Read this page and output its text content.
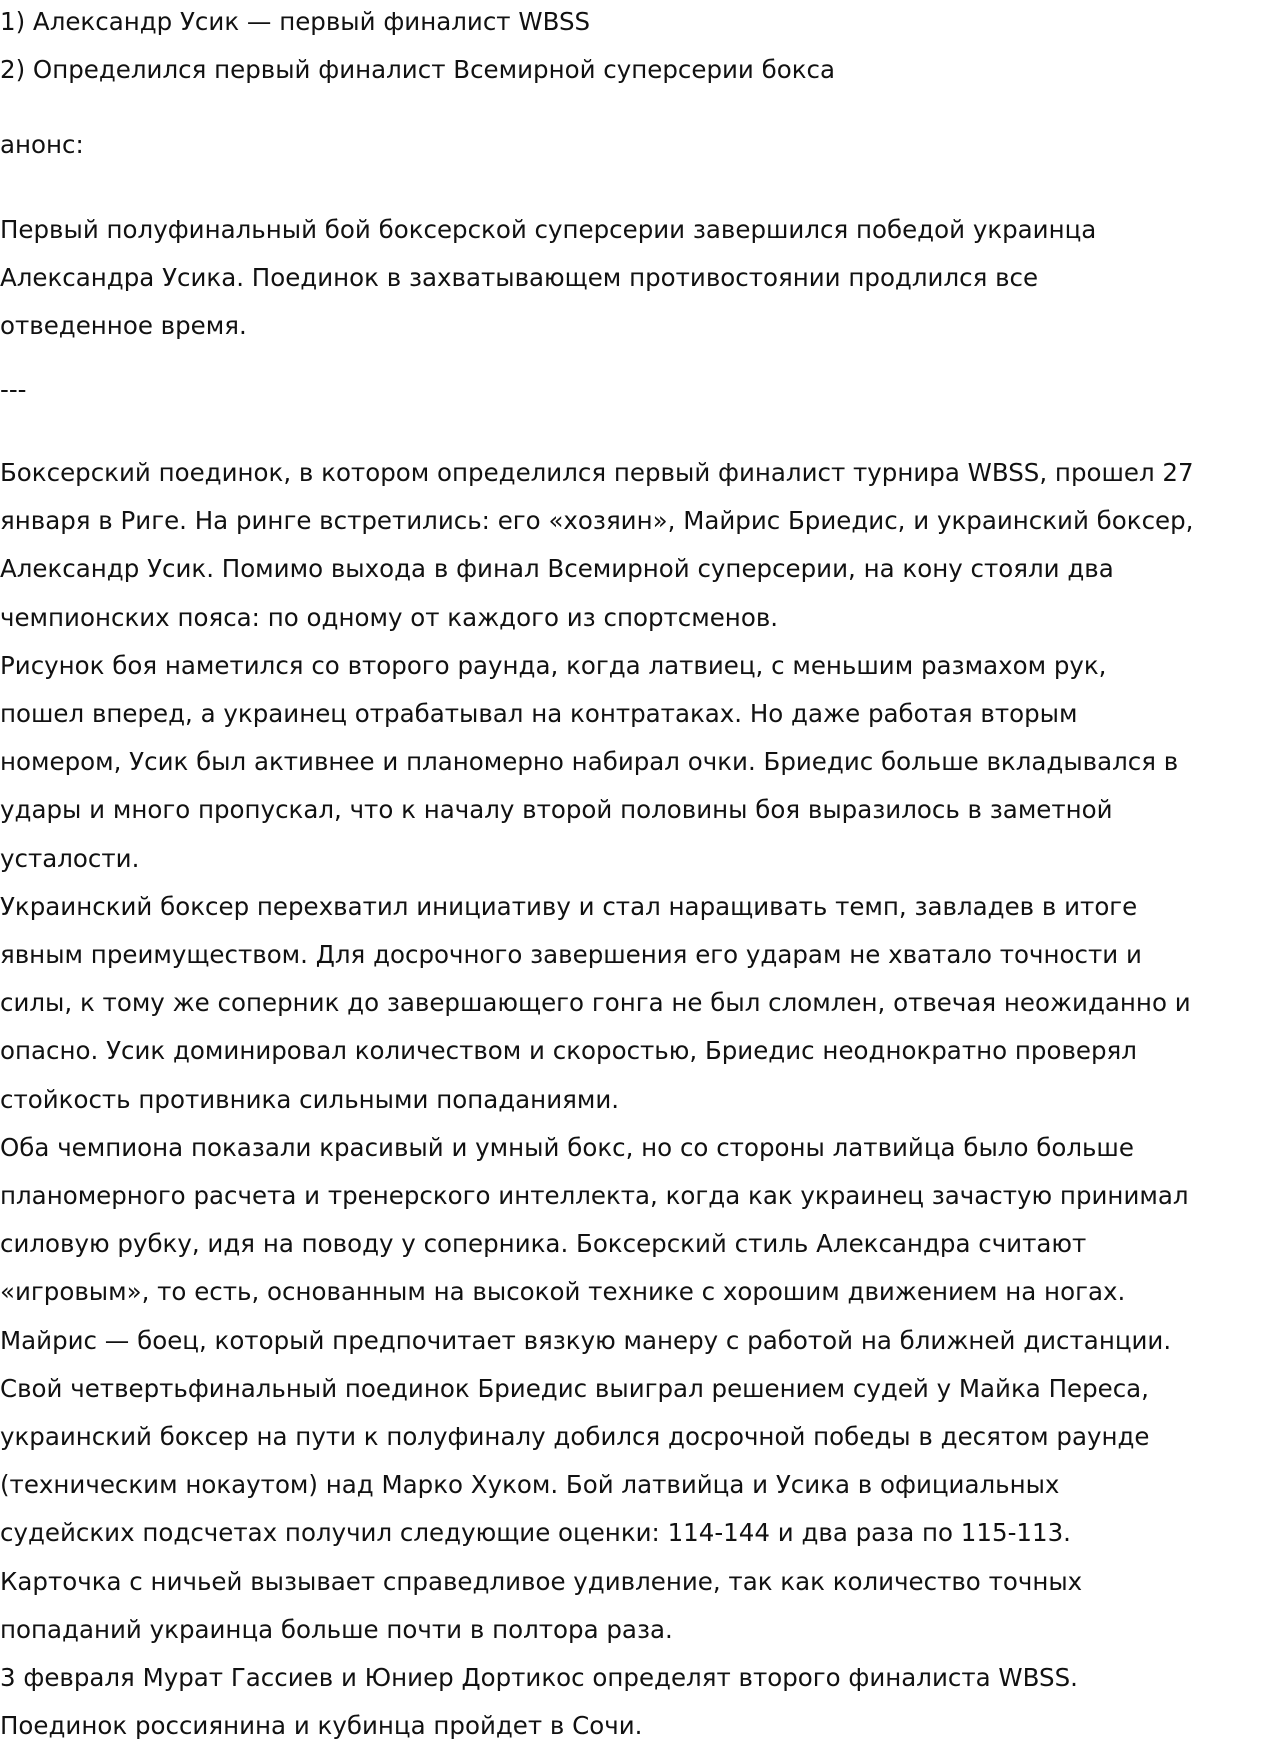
1) Александр Усик — первый финалист WBSS
2) Определился первый финалист Всемирной суперсерии бокса
анонс:

Первый полуфинальный бой боксерской суперсерии завершился победой украинца

Александра Усика. Поединок в захватывающем противостоянии продлился все

отведенное время.

---

Боксерский поединок, в котором определился первый финалист турнира WBSS, прошел 27

января в Риге. На ринге встретились: его «хозяин», Майрис Бриедис, и украинский боксер,

Александр Усик. Помимо выхода в финал Всемирной суперсерии, на кону стояли два

чемпионских пояса: по одному от каждого из спортсменов.

Рисунок боя наметился со второго раунда, когда латвиец, с меньшим размахом рук,

пошел вперед, а украинец отрабатывал на контратаках. Но даже работая вторым

номером, Усик был активнее и планомерно набирал очки. Бриедис больше вкладывался в

удары и много пропускал, что к началу второй половины боя выразилось в заметной

усталости.

Украинский боксер перехватил инициативу и стал наращивать темп, завладев в итоге

явным преимуществом. Для досрочного завершения его ударам не хватало точности и

силы, к тому же соперник до завершающего гонга не был сломлен, отвечая неожиданно и

опасно. Усик доминировал количеством и скоростью, Бриедис неоднократно проверял

стойкость противника сильными попаданиями.

Оба чемпиона показали красивый и умный бокс, но со стороны латвийца было больше

планомерного расчета и тренерского интеллекта, когда как украинец зачастую принимал

силовую рубку, идя на поводу у соперника. Боксерский стиль Александра считают

«игровым», то есть, основанным на высокой технике с хорошим движением на ногах.

Майрис — боец, который предпочитает вязкую манеру с работой на ближней дистанции.

Свой четвертьфинальный поединок Бриедис выиграл решением судей у Майка Переса,

украинский боксер на пути к полуфиналу добился досрочной победы в десятом раунде

(техническим нокаутом) над Марко Хуком. Бой латвийца и Усика в официальных

судейских подсчетах получил следующие оценки: 114-144 и два раза по 115-113.

Карточка с ничьей вызывает справедливое удивление, так как количество точных

попаданий украинца больше почти в полтора раза.

3 февраля Мурат Гассиев и Юниер Дортикос определят второго финалиста WBSS.

Поединок россиянина и кубинца пройдет в Сочи.
